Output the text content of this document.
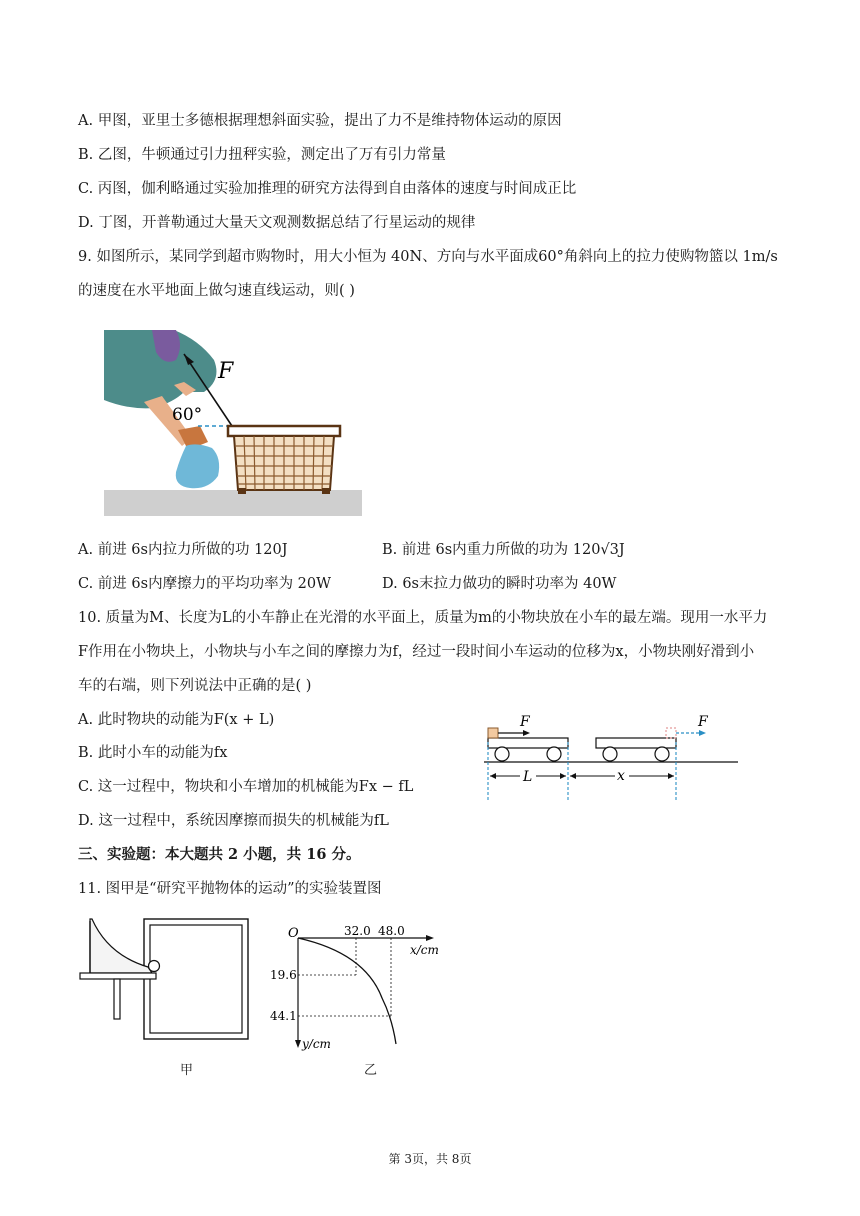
A. 甲图，亚里士多德根据理想斜面实验，提出了力不是维持物体运动的原因
B. 乙图，牛顿通过引力扭秤实验，测定出了万有引力常量
C. 丙图，伽利略通过实验加推理的研究方法得到自由落体的速度与时间成正比
D. 丁图，开普勒通过大量天文观测数据总结了行星运动的规律
9. 如图所示，某同学到超市购物时，用大小恒为 40N、方向与水平面成60°角斜向上的拉力使购物篮以 1m/s
的速度在水平地面上做匀速直线运动，则( )
F
60°
A. 前进 6s内拉力所做的功 120J	B. 前进 6s内重力所做的功为 120√3J
C. 前进 6s内摩擦力的平均功率为 20W	D. 6s末拉力做功的瞬时功率为 40W
10. 质量为M、长度为L的小车静止在光滑的水平面上，质量为m的小物块放在小车的最左端。现用一水平力
F作用在小物块上，小物块与小车之间的摩擦力为f，经过一段时间小车运动的位移为x，小物块刚好滑到小
车的右端，则下列说法中正确的是( )
A. 此时物块的动能为F(x + L)
B. 此时小车的动能为fx
C. 这一过程中，物块和小车增加的机械能为Fx − fL
D. 这一过程中，系统因摩擦而损失的机械能为fL
F	F
L	x
三、实验题：本大题共 2 小题，共 16 分。
11. 图甲是“研究平抛物体的运动”的实验装置图
甲
O	32.0 48.0
x/cm
19.6
44.1
y/cm
乙
第 3页，共 8页
